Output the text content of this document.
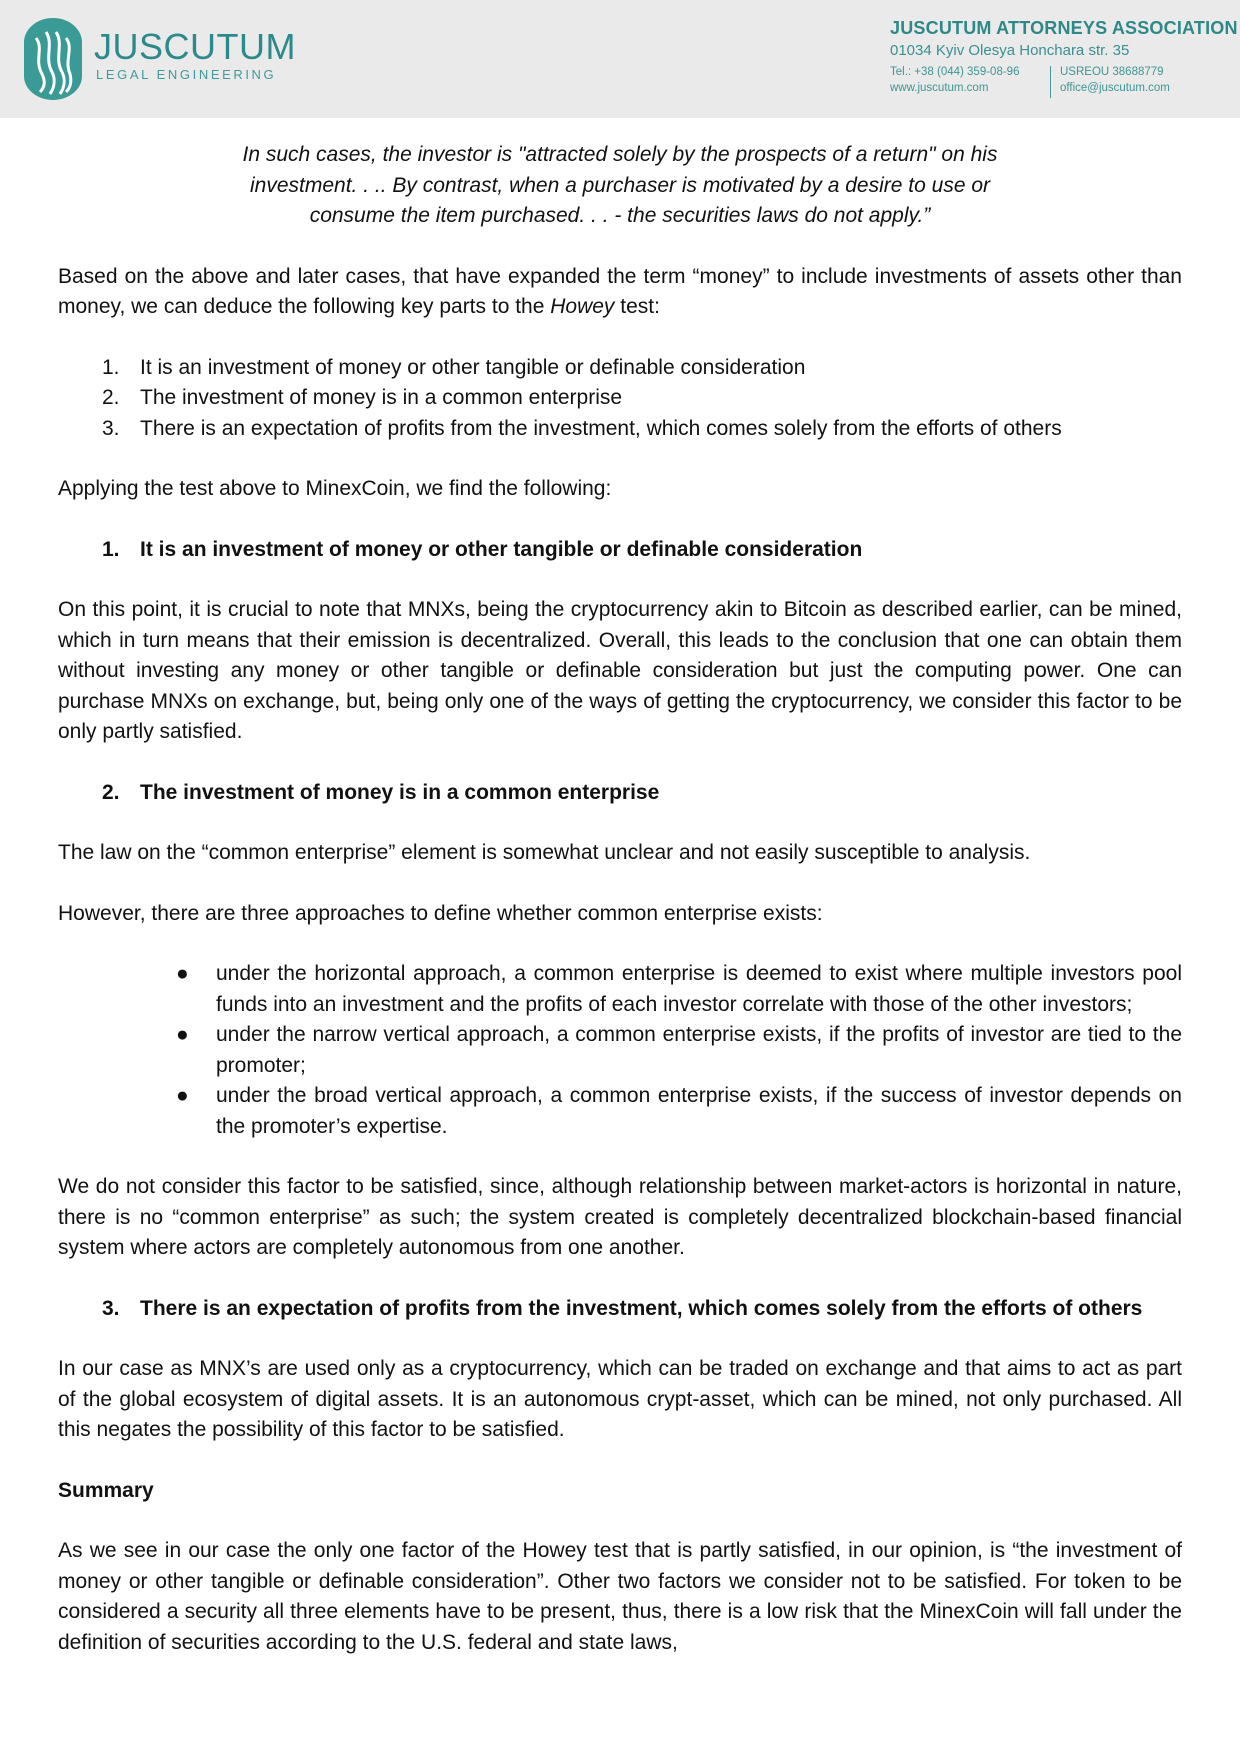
JUSCUTUM
LEGAL ENGINEERING
JUSCUTUM ATTORNEYS ASSOCIATION
01034 Kyiv Olesya Honchara str. 35
Tel.: +38 (044) 359-08-96
www.juscutum.com
USREOU 38688779
office@juscutum.com

In such cases, the investor is "attracted solely by the prospects of a return" on his investment. . .. By contrast, when a purchaser is motivated by a desire to use or consume the item purchased. . . - the securities laws do not apply.”

Based on the above and later cases, that have expanded the term “money” to include investments of assets other than money, we can deduce the following key parts to the Howey test:

1. It is an investment of money or other tangible or definable consideration
2. The investment of money is in a common enterprise
3. There is an expectation of profits from the investment, which comes solely from the efforts of others

Applying the test above to MinexCoin, we find the following:

1. It is an investment of money or other tangible or definable consideration

On this point, it is crucial to note that MNXs, being the cryptocurrency akin to Bitcoin as described earlier, can be mined, which in turn means that their emission is decentralized. Overall, this leads to the conclusion that one can obtain them without investing any money or other tangible or definable consideration but just the computing power. One can purchase MNXs on exchange, but, being only one of the ways of getting the cryptocurrency, we consider this factor to be only partly satisfied.

2. The investment of money is in a common enterprise

The law on the “common enterprise” element is somewhat unclear and not easily susceptible to analysis.

However, there are three approaches to define whether common enterprise exists:

● under the horizontal approach, a common enterprise is deemed to exist where multiple investors pool funds into an investment and the profits of each investor correlate with those of the other investors;
● under the narrow vertical approach, a common enterprise exists, if the profits of investor are tied to the promoter;
● under the broad vertical approach, a common enterprise exists, if the success of investor depends on the promoter’s expertise.

We do not consider this factor to be satisfied, since, although relationship between market-actors is horizontal in nature, there is no “common enterprise” as such; the system created is completely decentralized blockchain-based financial system where actors are completely autonomous from one another.

3. There is an expectation of profits from the investment, which comes solely from the efforts of others

In our case as MNX’s are used only as a cryptocurrency, which can be traded on exchange and that aims to act as part of the global ecosystem of digital assets. It is an autonomous crypt-asset, which can be mined, not only purchased. All this negates the possibility of this factor to be satisfied.

Summary

As we see in our case the only one factor of the Howey test that is partly satisfied, in our opinion, is “the investment of money or other tangible or definable consideration”. Other two factors we consider not to be satisfied. For token to be considered a security all three elements have to be present, thus, there is a low risk that the MinexCoin will fall under the definition of securities according to the U.S. federal and state laws,
